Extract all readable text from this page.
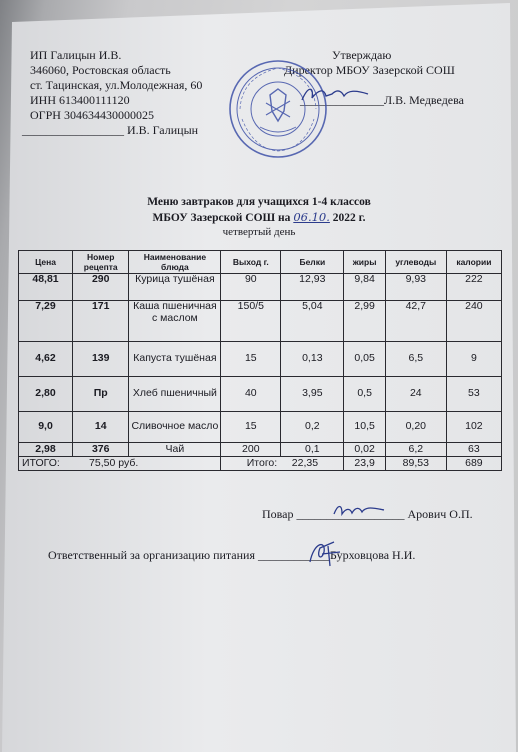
ИП Галицын И.В.
346060, Ростовская область
ст. Тацинская, ул.Молодежная, 60
ИНН 613400111120
ОГРН 304634430000025
_________________ И.В. Галицын
Утверждаю
Директор МБОУ Зазерской СОШ
______________Л.В. Медведева
Меню завтраков для учащихся 1-4 классов
МБОУ Зазерской СОШ на 06.10. 2022 г.
четвертый день
Цена	Номер рецепта	Наименование блюда	Выход г.	Белки	жиры	углеводы	калории
48,81	290	Курица тушёная	90	12,93	9,84	9,93	222
7,29	171	Каша пшеничная с маслом	150/5	5,04	2,99	42,7	240
4,62	139	Капуста тушёная	15	0,13	0,05	6,5	9
2,80	Пр	Хлеб пшеничный	40	3,95	0,5	24	53
9,0	14	Сливочное масло	15	0,2	10,5	0,20	102
2,98	376	Чай	200	0,1	0,02	6,2	63
ИТОГО: 75,50 руб.			Итого: 22,35		23,9	89,53	689
Повар __________________ Арович О.П.
Ответственный за организацию питания ____________Бурховцова Н.И.
